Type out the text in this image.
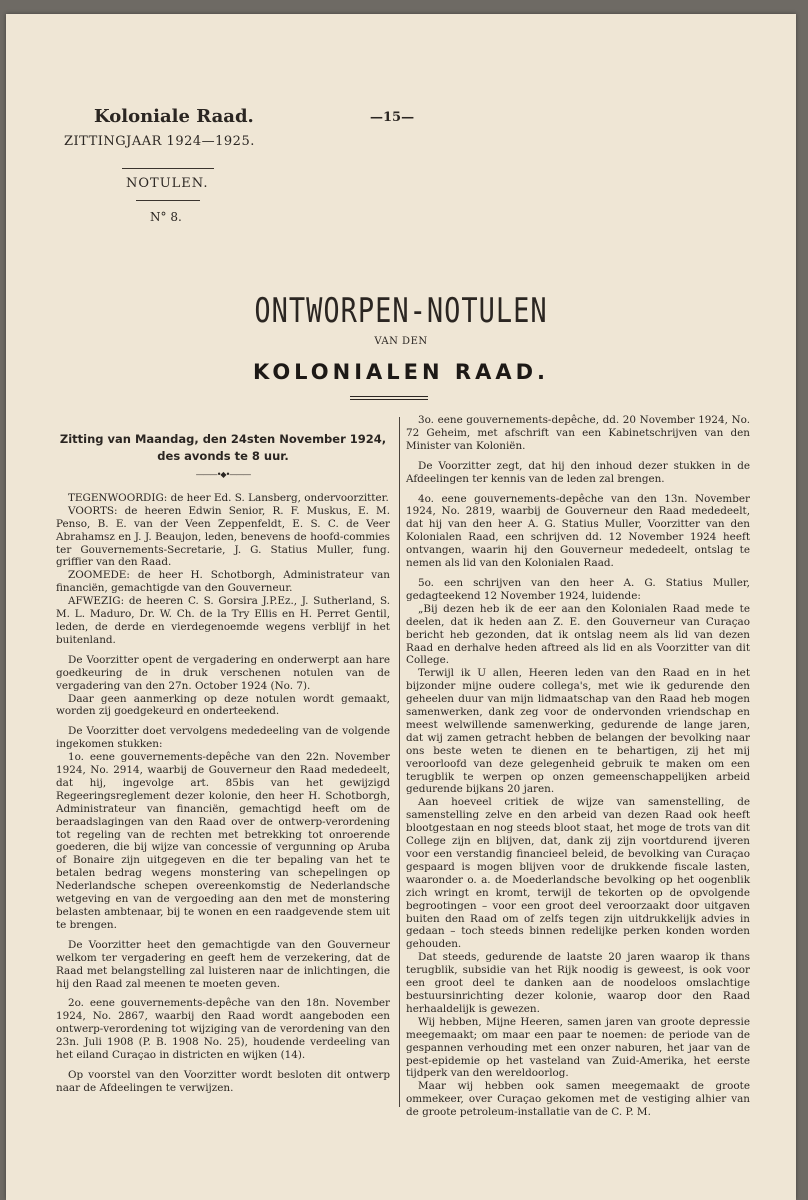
Koloniale Raad.
ZITTINGJAAR 1924—1925.
NOTULEN.
N° 8.
—15—
ONTWORPEN-NOTULEN
VAN DEN
KOLONIALEN RAAD.
Zitting van Maandag, den 24sten November 1924, des avonds te 8 uur.
———•◆•———

TEGENWOORDIG: de heer Ed. S. Lansberg, ondervoorzitter.

VOORTS: de heeren Edwin Senior, R. F. Muskus, E. M. Penso, B. E. van der Veen Zeppenfeldt, E. S. C. de Veer Abrahamsz en J. J. Beaujon, leden, benevens de hoofd-commies ter Gouvernements-Secretarie, J. G. Statius Muller, fung. griffier van den Raad.

ZOOMEDE: de heer H. Schotborgh, Administrateur van financiën, gemachtigde van den Gouverneur.

AFWEZIG: de heeren C. S. Gorsira J.P.Ez., J. Sutherland, S. M. L. Maduro, Dr. W. Ch. de la Try Ellis en H. Perret Gentil, leden, de derde en vierdegenoemde wegens verblijf in het buitenland.

De Voorzitter opent de vergadering en onderwerpt aan hare goedkeuring de in druk verschenen notulen van de vergadering van den 27n. October 1924 (No. 7).

Daar geen aanmerking op deze notulen wordt gemaakt, worden zij goedgekeurd en onderteekend.

De Voorzitter doet vervolgens mededeeling van de volgende ingekomen stukken:

1o. eene gouvernements-depêche van den 22n. November 1924, No. 2914, waarbij de Gouverneur den Raad mededeelt, dat hij, ingevolge art. 85bis van het gewijzigd Regeeringsreglement dezer kolonie, den heer H. Schotborgh, Administrateur van financiën, gemachtigd heeft om de beraadslagingen van den Raad over de ontwerp-verordening tot regeling van de rechten met betrekking tot onroerende goederen, die bij wijze van concessie of vergunning op Aruba of Bonaire zijn uitgegeven en die ter bepaling van het te betalen bedrag wegens monstering van schepelingen op Nederlandsche schepen overeenkomstig de Nederlandsche wetgeving en van de vergoeding aan den met de monstering belasten ambtenaar, bij te wonen en een raadgevende stem uit te brengen.

De Voorzitter heet den gemachtigde van den Gouverneur welkom ter vergadering en geeft hem de verzekering, dat de Raad met belangstelling zal luisteren naar de inlichtingen, die hij den Raad zal meenen te moeten geven.

2o. eene gouvernements-depêche van den 18n. November 1924, No. 2867, waarbij den Raad wordt aangeboden een ontwerp-verordening tot wijziging van de verordening van den 23n. Juli 1908 (P. B. 1908 No. 25), houdende verdeeling van het eiland Curaçao in districten en wijken (14).

Op voorstel van den Voorzitter wordt besloten dit ontwerp naar de Afdeelingen te verwijzen.

3o. eene gouvernements-depêche, dd. 20 November 1924, No. 72 Geheim, met afschrift van een Kabinetschrijven van den Minister van Koloniën.

De Voorzitter zegt, dat hij den inhoud dezer stukken in de Afdeelingen ter kennis van de leden zal brengen.

4o. eene gouvernements-depêche van den 13n. November 1924, No. 2819, waarbij de Gouverneur den Raad mededeelt, dat hij van den heer A. G. Statius Muller, Voorzitter van den Kolonialen Raad, een schrijven dd. 12 November 1924 heeft ontvangen, waarin hij den Gouverneur mededeelt, ontslag te nemen als lid van den Kolonialen Raad.

5o. een schrijven van den heer A. G. Statius Muller, gedagteekend 12 November 1924, luidende:

„Bij dezen heb ik de eer aan den Kolonialen Raad mede te deelen, dat ik heden aan Z. E. den Gouverneur van Curaçao bericht heb gezonden, dat ik ontslag neem als lid van dezen Raad en derhalve heden aftreed als lid en als Voorzitter van dit College.

Terwijl ik U allen, Heeren leden van den Raad en in het bijzonder mijne oudere collega's, met wie ik gedurende den geheelen duur van mijn lidmaatschap van den Raad heb mogen samenwerken, dank zeg voor de ondervonden vriendschap en meest welwillende samenwerking, gedurende de lange jaren, dat wij zamen getracht hebben de belangen der bevolking naar ons beste weten te dienen en te behartigen, zij het mij veroorloofd van deze gelegenheid gebruik te maken om een terugblik te werpen op onzen gemeenschappelijken arbeid gedurende bijkans 20 jaren.

Aan hoeveel critiek de wijze van samenstelling, de samenstelling zelve en den arbeid van dezen Raad ook heeft blootgestaan en nog steeds bloot staat, het moge de trots van dit College zijn en blijven, dat, dank zij zijn voortdurend ijveren voor een verstandig financieel beleid, de bevolking van Curaçao gespaard is mogen blijven voor de drukkende fiscale lasten, waaronder o. a. de Moederlandsche bevolking op het oogenblik zich wringt en kromt, terwijl de tekorten op de opvolgende begrootingen – voor een groot deel veroorzaakt door uitgaven buiten den Raad om of zelfs tegen zijn uitdrukkelijk advies in gedaan – toch steeds binnen redelijke perken konden worden gehouden.

Dat steeds, gedurende de laatste 20 jaren waarop ik thans terugblik, subsidie van het Rijk noodig is geweest, is ook voor een groot deel te danken aan de noodeloos omslachtige bestuursinrichting dezer kolonie, waarop door den Raad herhaaldelijk is gewezen.

Wij hebben, Mijne Heeren, samen jaren van groote depressie meegemaakt; om maar een paar te noemen: de periode van de gespannen verhouding met een onzer naburen, het jaar van de pest-epidemie op het vasteland van Zuid-Amerika, het eerste tijdperk van den wereldoorlog.

Maar wij hebben ook samen meegemaakt de groote ommekeer, over Curaçao gekomen met de vestiging alhier van de groote petroleum-installatie van de C. P. M.
